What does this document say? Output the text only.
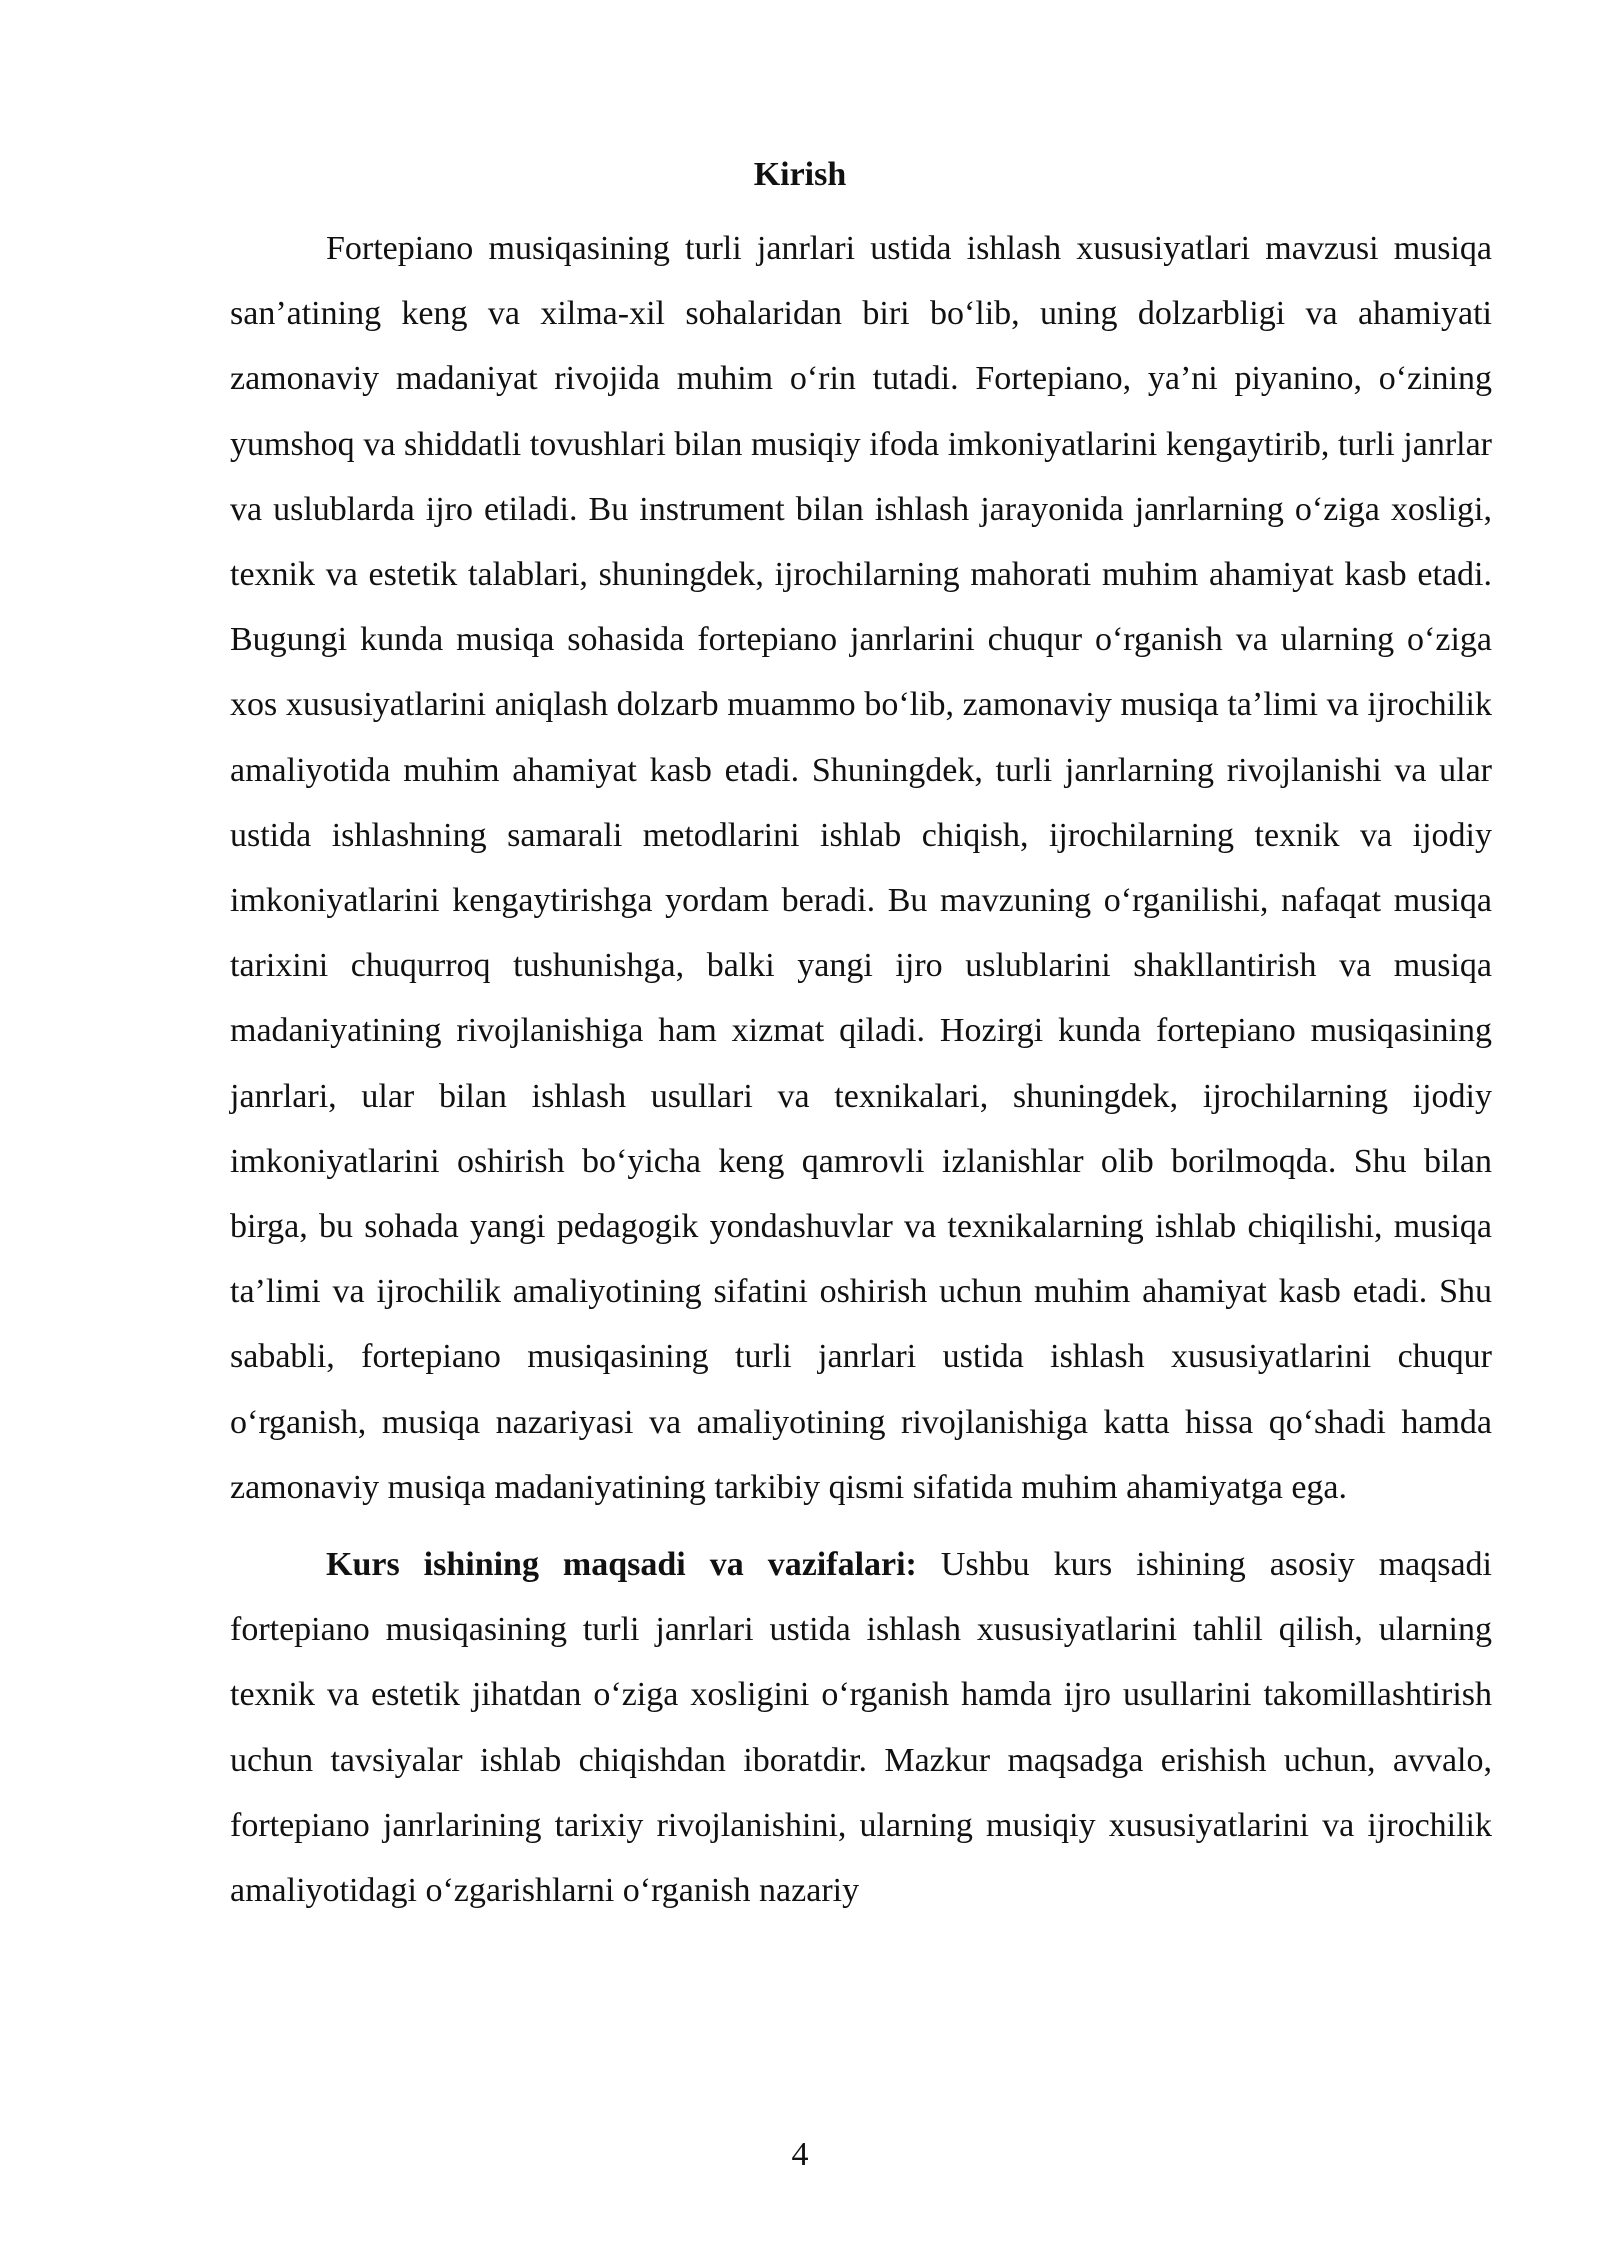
Kirish

Fortepiano musiqasining turli janrlari ustida ishlash xususiyatlari mavzusi musiqa san’atining keng va xilma-xil sohalaridan biri bo‘lib, uning dolzarbligi va ahamiyati zamonaviy madaniyat rivojida muhim o‘rin tutadi. Fortepiano, ya’ni piyanino, o‘zining yumshoq va shiddatli tovushlari bilan musiqiy ifoda imkoniyatlarini kengaytirib, turli janrlar va uslublarda ijro etiladi. Bu instrument bilan ishlash jarayonida janrlarning o‘ziga xosligi, texnik va estetik talablari, shuningdek, ijrochilarning mahorati muhim ahamiyat kasb etadi. Bugungi kunda musiqa sohasida fortepiano janrlarini chuqur o‘rganish va ularning o‘ziga xos xususiyatlarini aniqlash dolzarb muammo bo‘lib, zamonaviy musiqa ta’limi va ijrochilik amaliyotida muhim ahamiyat kasb etadi. Shuningdek, turli janrlarning rivojlanishi va ular ustida ishlashning samarali metodlarini ishlab chiqish, ijrochilarning texnik va ijodiy imkoniyatlarini kengaytirishga yordam beradi. Bu mavzuning o‘rganilishi, nafaqat musiqa tarixini chuqurroq tushunishga, balki yangi ijro uslublarini shakllantirish va musiqa madaniyatining rivojlanishiga ham xizmat qiladi. Hozirgi kunda fortepiano musiqasining janrlari, ular bilan ishlash usullari va texnikalari, shuningdek, ijrochilarning ijodiy imkoniyatlarini oshirish bo‘yicha keng qamrovli izlanishlar olib borilmoqda. Shu bilan birga, bu sohada yangi pedagogik yondashuvlar va texnikalarning ishlab chiqilishi, musiqa ta’limi va ijrochilik amaliyotining sifatini oshirish uchun muhim ahamiyat kasb etadi. Shu sababli, fortepiano musiqasining turli janrlari ustida ishlash xususiyatlarini chuqur o‘rganish, musiqa nazariyasi va amaliyotining rivojlanishiga katta hissa qo‘shadi hamda zamonaviy musiqa madaniyatining tarkibiy qismi sifatida muhim ahamiyatga ega.

Kurs ishining maqsadi va vazifalari: Ushbu kurs ishining asosiy maqsadi fortepiano musiqasining turli janrlari ustida ishlash xususiyatlarini tahlil qilish, ularning texnik va estetik jihatdan o‘ziga xosligini o‘rganish hamda ijro usullarini takomillashtirish uchun tavsiyalar ishlab chiqishdan iboratdir. Mazkur maqsadga erishish uchun, avvalo, fortepiano janrlarining tarixiy rivojlanishini, ularning musiqiy xususiyatlarini va ijrochilik amaliyotidagi o‘zgarishlarni o‘rganish nazariy

4
